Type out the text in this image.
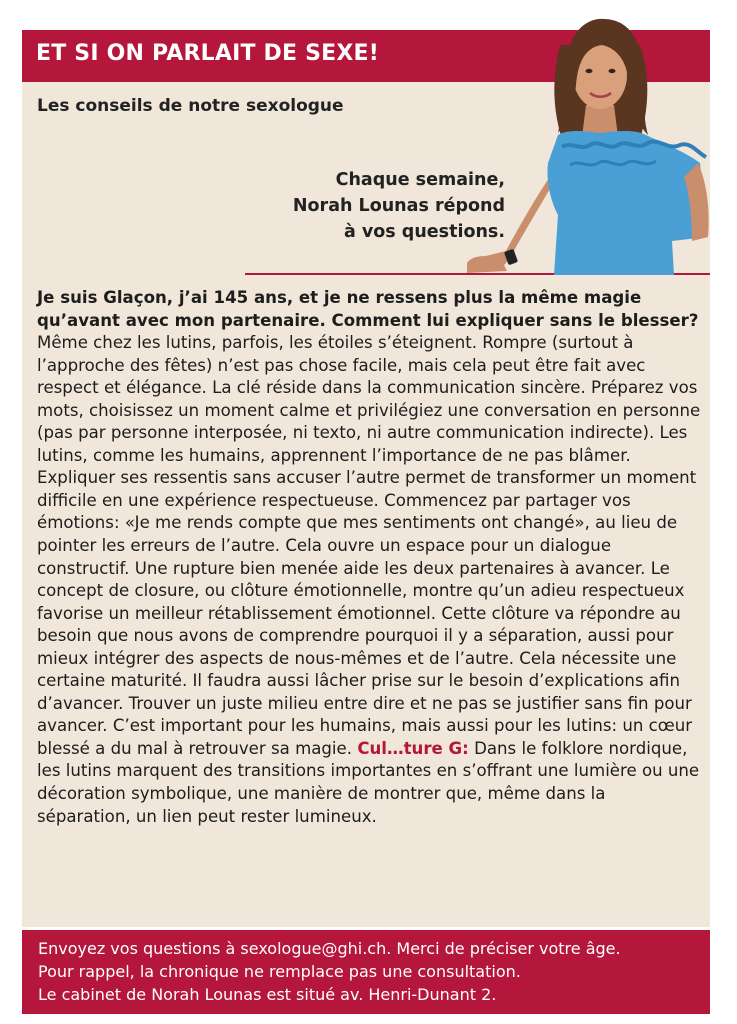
ET SI ON PARLAIT DE SEXE!
Les conseils de notre sexologue
Chaque semaine,
Norah Lounas répond
à vos questions.
Je suis Glaçon, j’ai 145 ans, et je ne ressens plus la même magie qu’avant avec mon partenaire. Comment lui expliquer sans le blesser? Même chez les lutins, parfois, les étoiles s’éteignent. Rompre (surtout à l’approche des fêtes) n’est pas chose facile, mais cela peut être fait avec respect et élégance. La clé réside dans la communication sincère. Préparez vos mots, choisissez un moment calme et privilégiez une conversation en personne (pas par personne interposée, ni texto, ni autre communication indirecte). Les lutins, comme les humains, apprennent l’importance de ne pas blâmer. Expliquer ses ressentis sans accuser l’autre permet de transformer un moment difficile en une expérience respectueuse. Commencez par partager vos émotions: «Je me rends compte que mes sentiments ont changé», au lieu de pointer les erreurs de l’autre. Cela ouvre un espace pour un dialogue constructif. Une rupture bien menée aide les deux partenaires à avancer. Le concept de closure, ou clôture émotionnelle, montre qu’un adieu respectueux favorise un meilleur rétablissement émotionnel. Cette clôture va répondre au besoin que nous avons de comprendre pourquoi il y a séparation, aussi pour mieux intégrer des aspects de nous-mêmes et de l’autre. Cela nécessite une certaine maturité. Il faudra aussi lâcher prise sur le besoin d’explications afin d’avancer. Trouver un juste milieu entre dire et ne pas se justifier sans fin pour avancer. C’est important pour les humains, mais aussi pour les lutins: un cœur blessé a du mal à retrouver sa magie. Cul…ture G: Dans le folklore nordique, les lutins marquent des transitions importantes en s’offrant une lumière ou une décoration symbolique, une manière de montrer que, même dans la séparation, un lien peut rester lumineux.
Envoyez vos questions à sexologue@ghi.ch. Merci de préciser votre âge.
Pour rappel, la chronique ne remplace pas une consultation.
Le cabinet de Norah Lounas est situé av. Henri-Dunant 2.
